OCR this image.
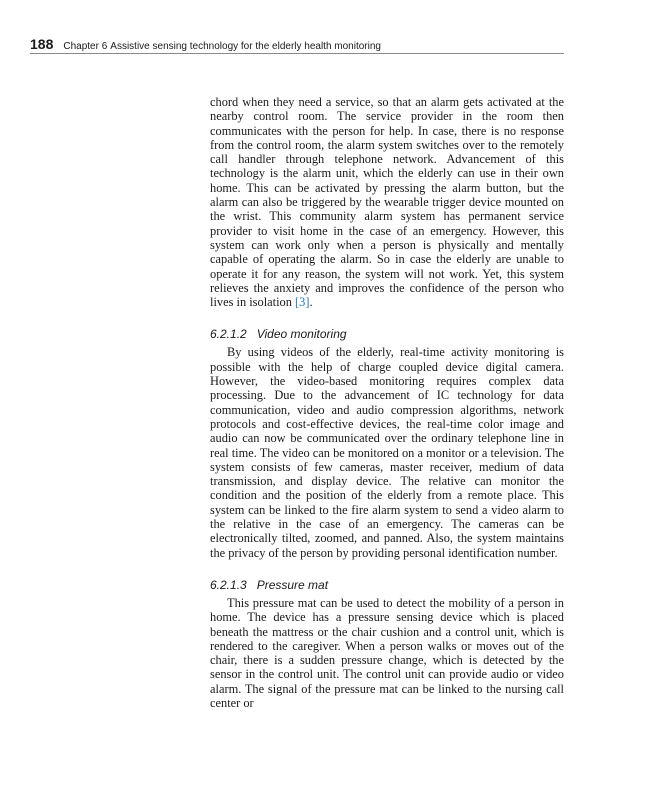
188 Chapter 6 Assistive sensing technology for the elderly health monitoring

chord when they need a service, so that an alarm gets activated at the nearby control room. The service provider in the room then communicates with the person for help. In case, there is no response from the control room, the alarm system switches over to the remotely call handler through telephone network. Advancement of this technology is the alarm unit, which the elderly can use in their own home. This can be activated by pressing the alarm button, but the alarm can also be triggered by the wearable trigger device mounted on the wrist. This community alarm system has permanent service provider to visit home in the case of an emergency. However, this system can work only when a person is physically and mentally capable of operating the alarm. So in case the elderly are unable to operate it for any reason, the system will not work. Yet, this system relieves the anxiety and improves the confidence of the person who lives in isolation [3].

6.2.1.2 Video monitoring

By using videos of the elderly, real-time activity monitoring is possible with the help of charge coupled device digital camera. However, the video-based monitoring requires complex data processing. Due to the advancement of IC technology for data communication, video and audio compression algorithms, network protocols and cost-effective devices, the real-time color image and audio can now be communicated over the ordinary telephone line in real time. The video can be monitored on a monitor or a television. The system consists of few cameras, master receiver, medium of data transmission, and display device. The relative can monitor the condition and the position of the elderly from a remote place. This system can be linked to the fire alarm system to send a video alarm to the relative in the case of an emergency. The cameras can be electronically tilted, zoomed, and panned. Also, the system maintains the privacy of the person by providing personal identification number.

6.2.1.3 Pressure mat

This pressure mat can be used to detect the mobility of a person in home. The device has a pressure sensing device which is placed beneath the mattress or the chair cushion and a control unit, which is rendered to the caregiver. When a person walks or moves out of the chair, there is a sudden pressure change, which is detected by the sensor in the control unit. The control unit can provide audio or video alarm. The signal of the pressure mat can be linked to the nursing call center or
